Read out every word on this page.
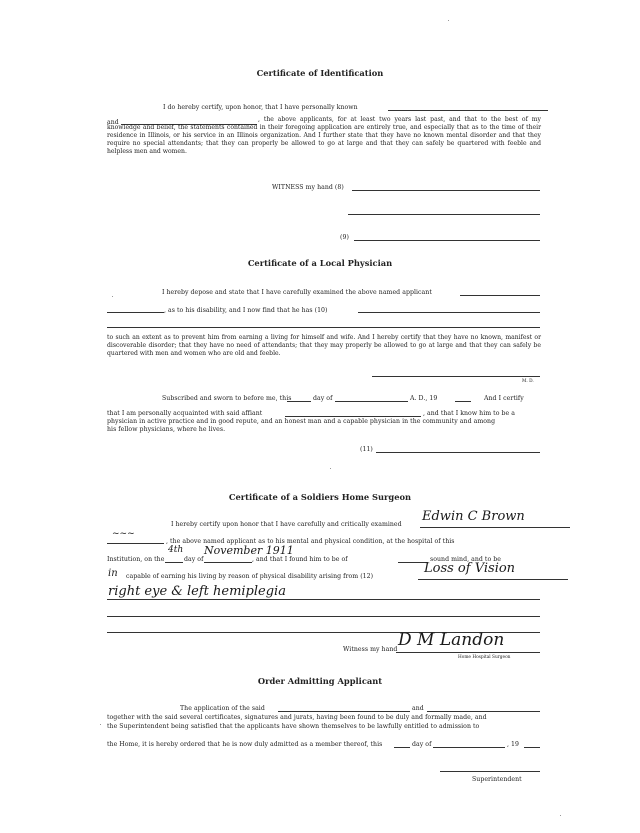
Certificate of Identification
I do hereby certify, upon honor, that I have personally known
and	, the above applicants, for at least two years last past, and that to the best of my knowledge and belief, the statements contained in their foregoing application are entirely true, and especially that as to the time of their residence in Illinois, or his service in an Illinois organization. And I further state that they have no known mental disorder and that they require no special attendants; that they can properly be allowed to go at large and that they can safely be quartered with feeble and helpless men and women.
WITNESS my hand (8)
(9)
Certificate of a Local Physician
I hereby depose and state that I have carefully examined the above named applicant
, as to his disability, and I now find that he has (10)
to such an extent as to prevent him from earning a living for himself and wife. And I hereby certify that they have no known, manifest or discoverable disorder; that they have no need of attendants; that they may properly be allowed to go at large and that they can safely be quartered with men and women who are old and feeble.
M. D.
Subscribed and sworn to before me, this	day of	A. D., 19	And I certify
that I am personally acquainted with said affiant	, and that I know him to be a
physician in active practice and in good repute, and an honest man and a capable physician in the community and among
his fellow physicians, where he lives.
(11)
Certificate of a Soldiers Home Surgeon
I hereby certify upon honor that I have carefully and critically examined
Edwin C Brown
~~~
, the above named applicant as to his mental and physical condition, at the hospital of this
Institution, on the
4th
day of
November 1911
, and that I found him to be of	sound mind, and to be
in capable of earning his living by reason of physical disability arising from (12)
Loss of Vision
right eye & left hemiplegia
Witness my hand D M Landon
Home Hospital Surgeon
Order Admitting Applicant
The application of the said	and
together with the said several certificates, signatures and jurats, having been found to be duly and formally made, and
the Superintendent being satisfied that the applicants have shown themselves to be lawfully entitled to admission to
the Home, it is hereby ordered that he is now duly admitted as a member thereof, this	day of	, 19
Superintendent
